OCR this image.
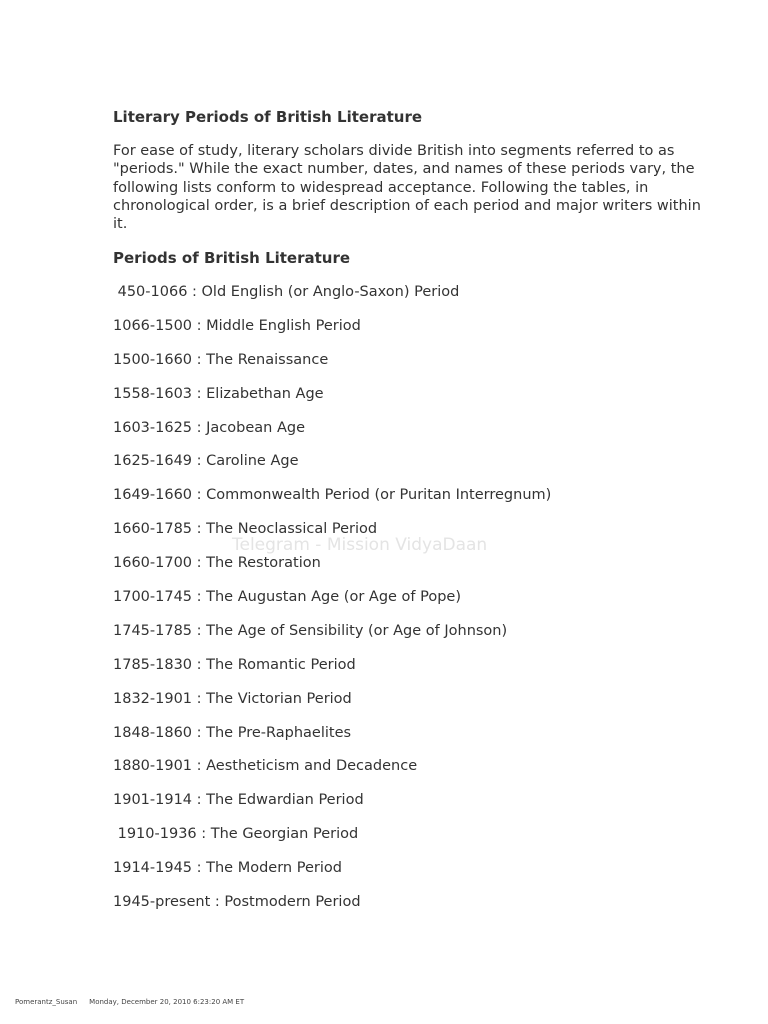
Literary Periods of British Literature

For ease of study, literary scholars divide British into segments referred to as "periods." While the exact number, dates, and names of these periods vary, the following lists conform to widespread acceptance. Following the tables, in chronological order, is a brief description of each period and major writers within it.

Periods of British Literature
450-1066 : Old English (or Anglo-Saxon) Period
1066-1500 : Middle English Period
1500-1660 : The Renaissance
1558-1603 : Elizabethan Age
1603-1625 : Jacobean Age
1625-1649 : Caroline Age
1649-1660 : Commonwealth Period (or Puritan Interregnum)
1660-1785 : The Neoclassical Period
1660-1700 : The Restoration
1700-1745 : The Augustan Age (or Age of Pope)
1745-1785 : The Age of Sensibility (or Age of Johnson)
1785-1830 : The Romantic Period
1832-1901 : The Victorian Period
1848-1860 : The Pre-Raphaelites
1880-1901 : Aestheticism and Decadence
1901-1914 : The Edwardian Period
1910-1936 : The Georgian Period
1914-1945 : The Modern Period
1945-present : Postmodern Period
Telegram - Mission VidyaDaan
Pomerantz_Susan Monday, December 20, 2010 6:23:20 AM ET
